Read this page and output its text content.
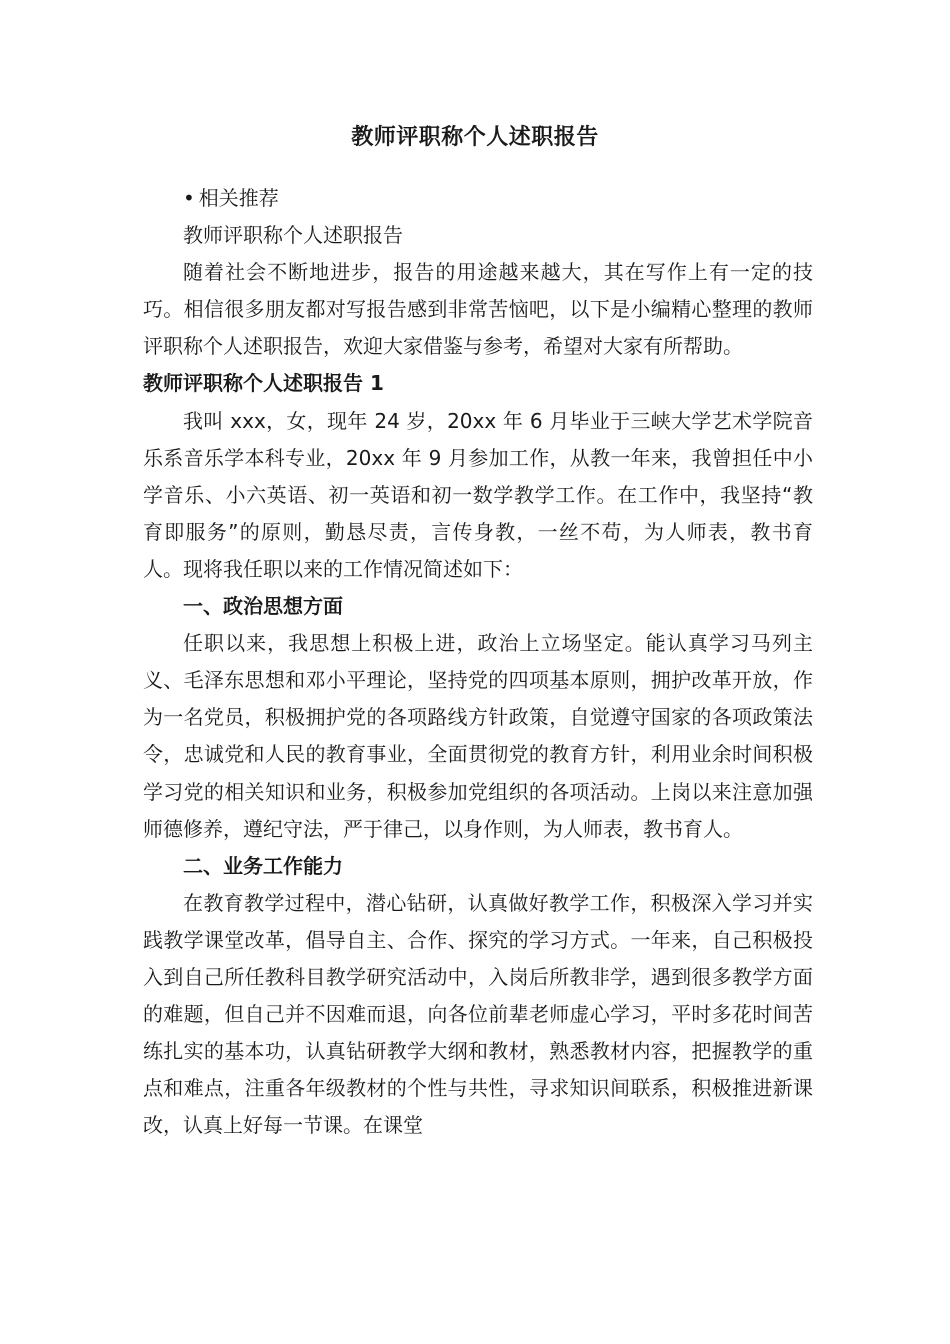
教师评职称个人述职报告

• 相关推荐

教师评职称个人述职报告

随着社会不断地进步，报告的用途越来越大，其在写作上有一定的技巧。相信很多朋友都对写报告感到非常苦恼吧，以下是小编精心整理的教师评职称个人述职报告，欢迎大家借鉴与参考，希望对大家有所帮助。

教师评职称个人述职报告 1

我叫 xxx，女，现年 24 岁，20xx 年 6 月毕业于三峡大学艺术学院音乐系音乐学本科专业，20xx 年 9 月参加工作，从教一年来，我曾担任中小学音乐、小六英语、初一英语和初一数学教学工作。在工作中，我坚持“教育即服务”的原则，勤恳尽责，言传身教，一丝不苟，为人师表，教书育人。现将我任职以来的工作情况简述如下：

一、政治思想方面

任职以来，我思想上积极上进，政治上立场坚定。能认真学习马列主义、毛泽东思想和邓小平理论，坚持党的四项基本原则，拥护改革开放，作为一名党员，积极拥护党的各项路线方针政策，自觉遵守国家的各项政策法令，忠诚党和人民的教育事业，全面贯彻党的教育方针，利用业余时间积极学习党的相关知识和业务，积极参加党组织的各项活动。上岗以来注意加强师德修养，遵纪守法，严于律己，以身作则，为人师表，教书育人。

二、业务工作能力

在教育教学过程中，潜心钻研，认真做好教学工作，积极深入学习并实践教学课堂改革，倡导自主、合作、探究的学习方式。一年来，自己积极投入到自己所任教科目教学研究活动中，入岗后所教非学，遇到很多教学方面的难题，但自己并不因难而退，向各位前辈老师虚心学习，平时多花时间苦练扎实的基本功，认真钻研教学大纲和教材，熟悉教材内容，把握教学的重点和难点，注重各年级教材的个性与共性，寻求知识间联系，积极推进新课改，认真上好每一节课。在课堂
